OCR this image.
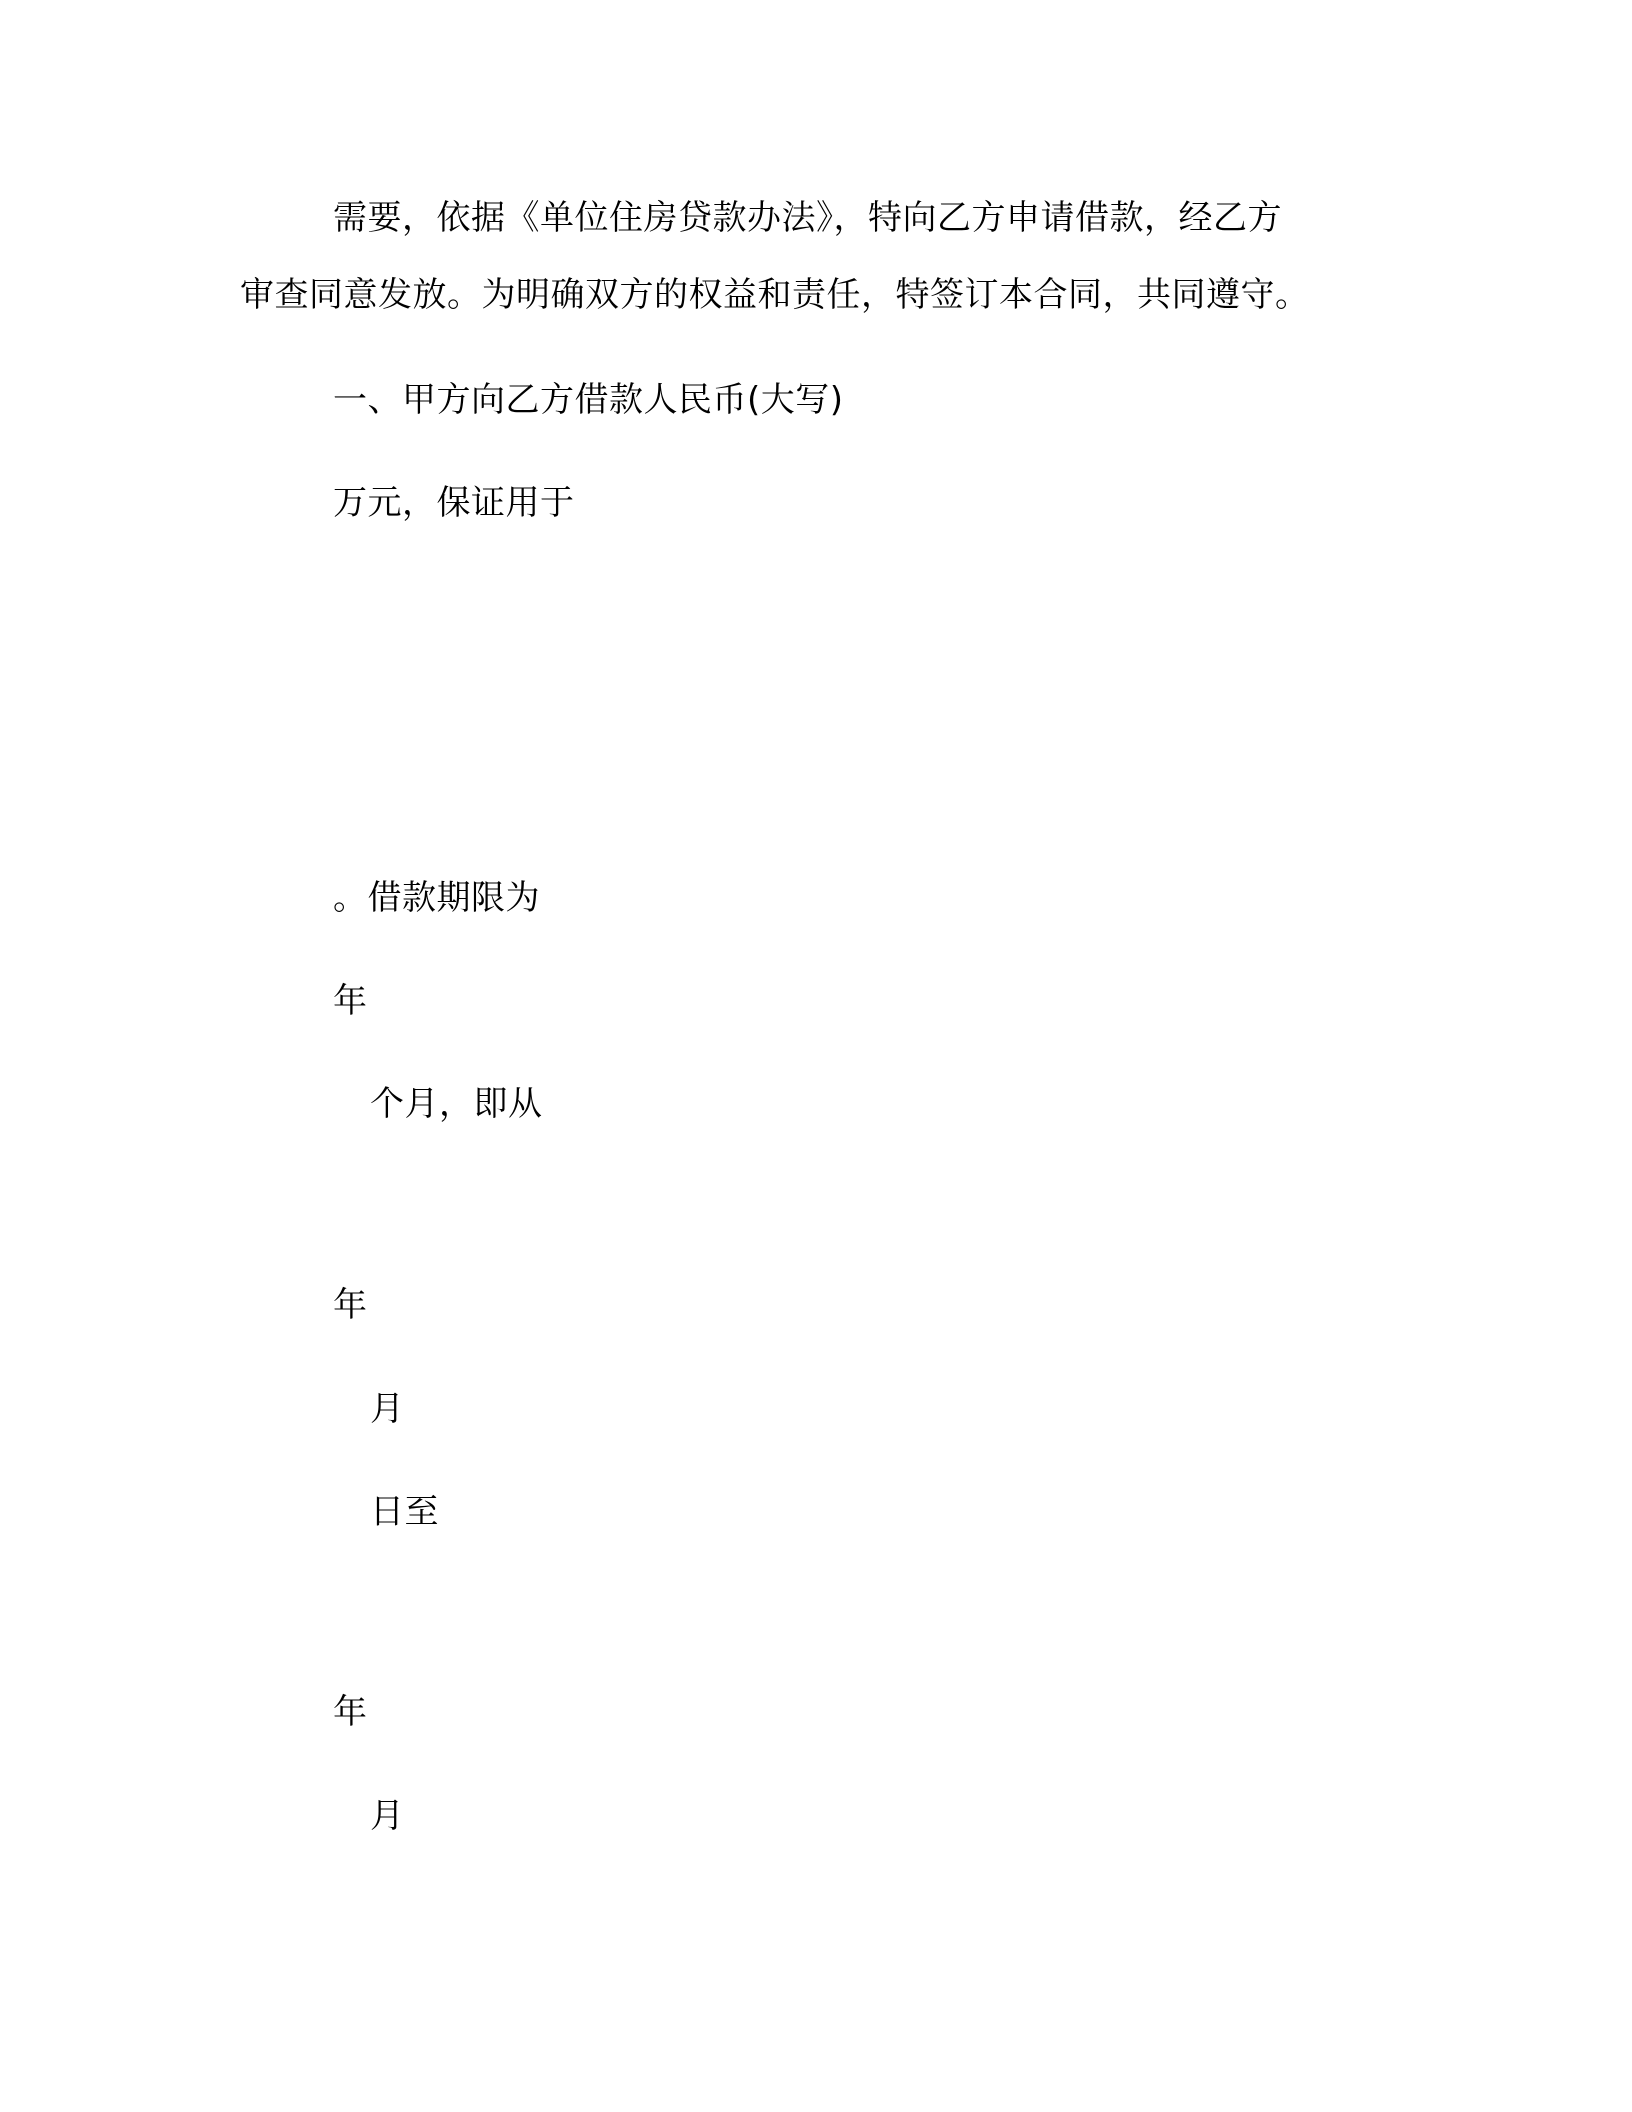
需要，依据《单位住房贷款办法》，特向乙方申请借款，经乙方
审查同意发放。为明确双方的权益和责任，特签订本合同，共同遵守。
一、甲方向乙方借款人民币(大写)
万元，保证用于
。借款期限为
年
个月，即从
年
月
日至
年
月
